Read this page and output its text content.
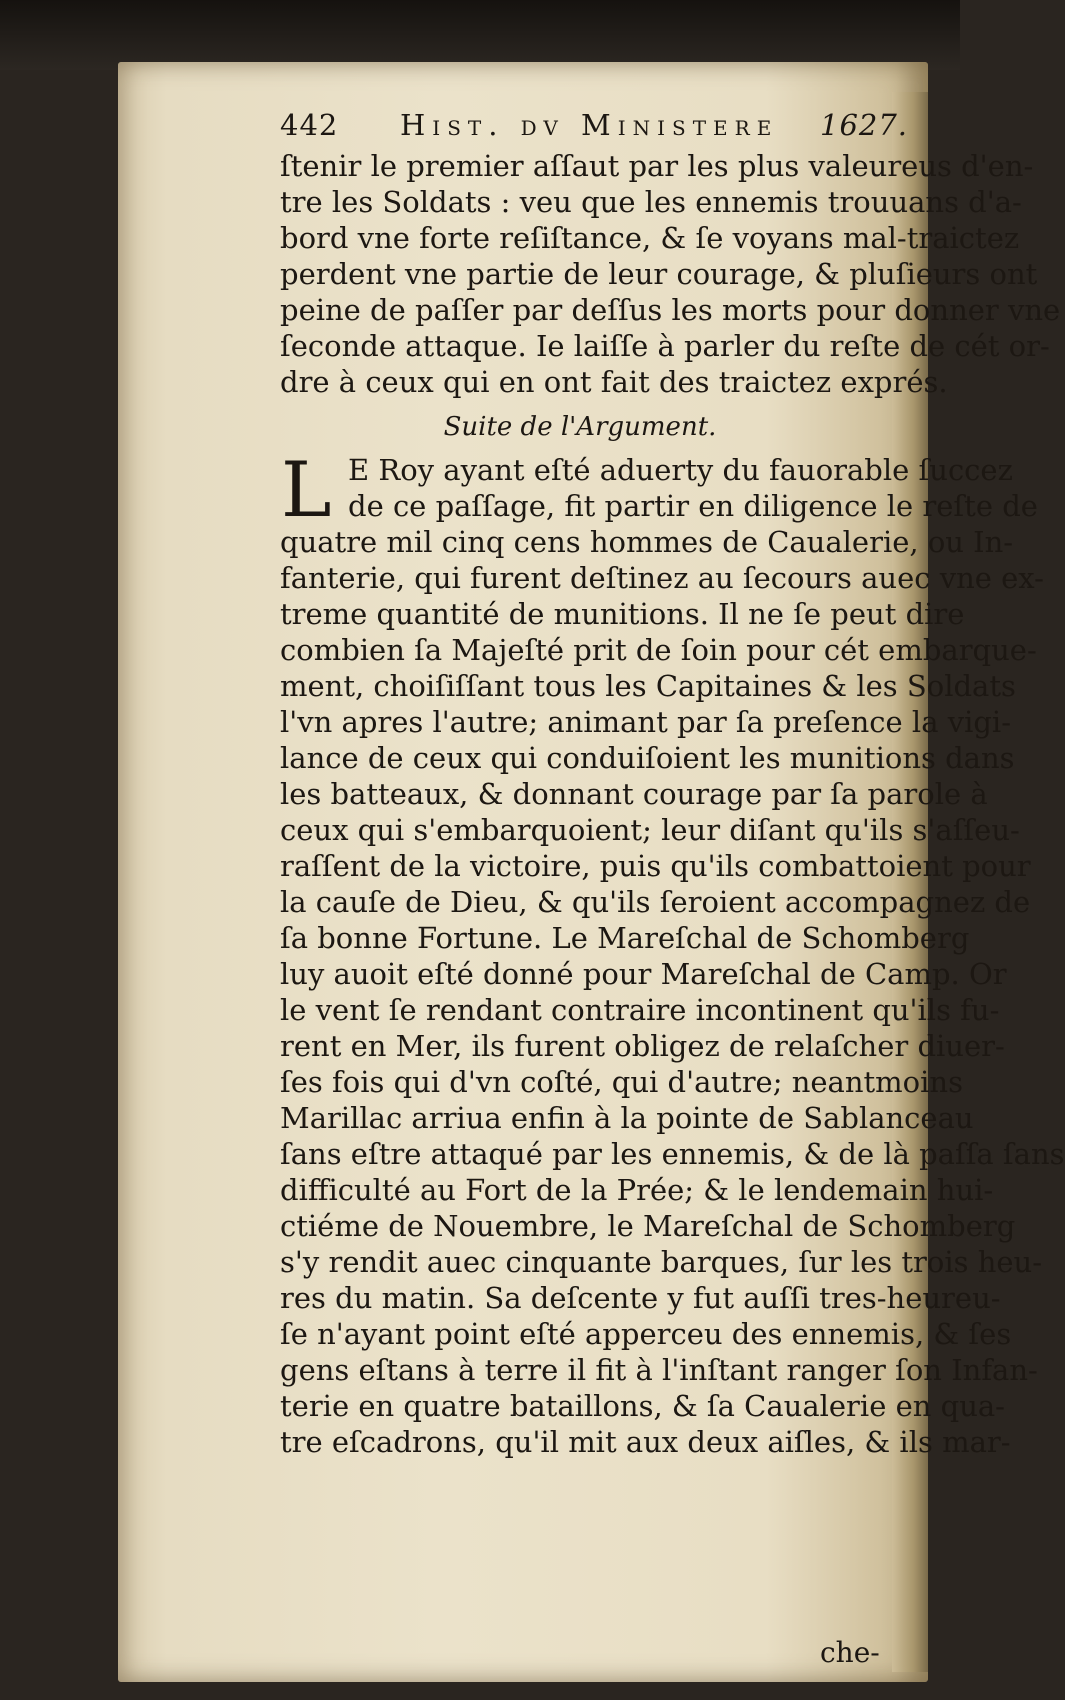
442 Hist. dv Ministere 1627.
ſtenir le premier aſſaut par les plus valeureus d'en-
tre les Soldats : veu que les ennemis trouuans d'a-
bord vne forte reſiſtance, & ſe voyans mal-traictez
perdent vne partie de leur courage, & pluſieurs ont
peine de paſſer par deſſus les morts pour donner vne
ſeconde attaque. Ie laiſſe à parler du reſte de cét or-
dre à ceux qui en ont fait des traictez exprés.
Suite de l'Argument.
L E Roy ayant eſté aduerty du fauorable ſuccez
de ce paſſage, fit partir en diligence le reſte de
quatre mil cinq cens hommes de Caualerie, ou In-
fanterie, qui furent deſtinez au ſecours auec vne ex-
treme quantité de munitions. Il ne ſe peut dire
combien ſa Majeſté prit de ſoin pour cét embarque-
ment, choiſiſſant tous les Capitaines & les Soldats
l'vn apres l'autre; animant par ſa preſence la vigi-
lance de ceux qui conduiſoient les munitions dans
les batteaux, & donnant courage par ſa parole à
ceux qui s'embarquoient; leur diſant qu'ils s'aſſeu-
raſſent de la victoire, puis qu'ils combattoient pour
la cauſe de Dieu, & qu'ils ſeroient accompagnez de
ſa bonne Fortune. Le Mareſchal de Schomberg
luy auoit eſté donné pour Mareſchal de Camp. Or
le vent ſe rendant contraire incontinent qu'ils fu-
rent en Mer, ils furent obligez de relaſcher diuer-
ſes fois qui d'vn coſté, qui d'autre; neantmoins
Marillac arriua enfin à la pointe de Sablanceau
ſans eſtre attaqué par les ennemis, & de là paſſa ſans
difficulté au Fort de la Prée; & le lendemain hui-
ctiéme de Nouembre, le Mareſchal de Schomberg
s'y rendit auec cinquante barques, ſur les trois heu-
res du matin. Sa deſcente y fut auſſi tres-heureu-
ſe n'ayant point eſté apperceu des ennemis, & ſes
gens eſtans à terre il fit à l'inſtant ranger ſon Infan-
terie en quatre bataillons, & ſa Caualerie en qua-
tre eſcadrons, qu'il mit aux deux aiſles, & ils mar-
che-
